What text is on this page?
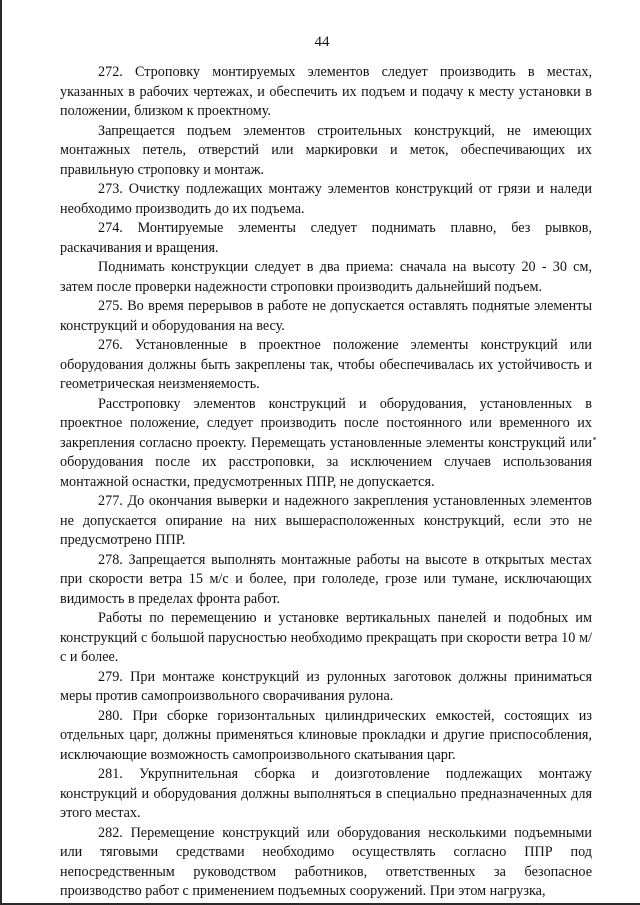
44

272. Строповку монтируемых элементов следует производить в местах, указанных в рабочих чертежах, и обеспечить их подъем и подачу к месту установки в положении, близком к проектному.

Запрещается подъем элементов строительных конструкций, не имеющих монтажных петель, отверстий или маркировки и меток, обеспечивающих их правильную строповку и монтаж.

273. Очистку подлежащих монтажу элементов конструкций от грязи и наледи необходимо производить до их подъема.

274. Монтируемые элементы следует поднимать плавно, без рывков, раскачивания и вращения.

Поднимать конструкции следует в два приема: сначала на высоту 20 - 30 см, затем после проверки надежности строповки производить дальнейший подъем.

275. Во время перерывов в работе не допускается оставлять поднятые элементы конструкций и оборудования на весу.

276. Установленные в проектное положение элементы конструкций или оборудования должны быть закреплены так, чтобы обеспечивалась их устойчивость и геометрическая неизменяемость.

Расстроповку элементов конструкций и оборудования, установленных в проектное положение, следует производить после постоянного или временного их закрепления согласно проекту. Перемещать установленные элементы конструкций или оборудования после их расстроповки, за исключением случаев использования монтажной оснастки, предусмотренных ППР, не допускается.

277. До окончания выверки и надежного закрепления установленных элементов не допускается опирание на них вышерасположенных конструкций, если это не предусмотрено ППР.

278. Запрещается выполнять монтажные работы на высоте в открытых местах при скорости ветра 15 м/с и более, при гололеде, грозе или тумане, исключающих видимость в пределах фронта работ.

Работы по перемещению и установке вертикальных панелей и подобных им конструкций с большой парусностью необходимо прекращать при скорости ветра 10 м/с и более.

279. При монтаже конструкций из рулонных заготовок должны приниматься меры против самопроизвольного сворачивания рулона.

280. При сборке горизонтальных цилиндрических емкостей, состоящих из отдельных царг, должны применяться клиновые прокладки и другие приспособления, исключающие возможность самопроизвольного скатывания царг.

281. Укрупнительная сборка и доизготовление подлежащих монтажу конструкций и оборудования должны выполняться в специально предназначенных для этого местах.

282. Перемещение конструкций или оборудования несколькими подъемными или тяговыми средствами необходимо осуществлять согласно ППР под непосредственным руководством работников, ответственных за безопасное производство работ с применением подъемных сооружений. При этом нагрузка,
